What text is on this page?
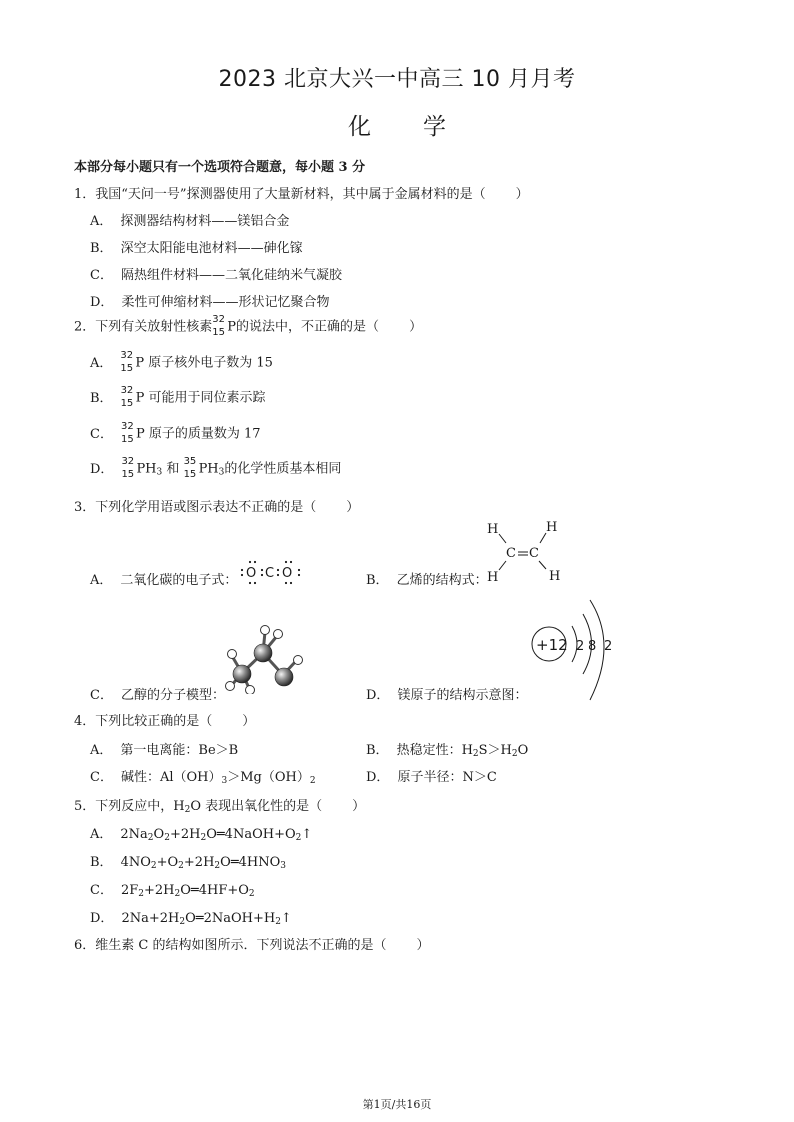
2023 北京大兴一中高三 10 月月考
化 学
本部分每小题只有一个选项符合题意，每小题 3 分
1．我国“天问一号”探测器使用了大量新材料，其中属于金属材料的是（ ）
A． 探测器结构材料——镁铝合金
B． 深空太阳能电池材料——砷化镓
C． 隔热组件材料——二氧化硅纳米气凝胶
D． 柔性可伸缩材料——形状记忆聚合物
2．下列有关放射性核素 32
15 P的说法中，不正确的是（ ）
A． 32
15 P 原子核外电子数为 15
B． 32
15 P 可能用于同位素示踪
C． 32
15 P 原子的质量数为 17
D． 32
15 $PH_3$ 和 35
15 $PH_3$的化学性质基本相同
3．下列化学用语或图示表达不正确的是（ ）
A． 二氧化碳的电子式： O C O	B． 乙烯的结构式：
H	H
C C
H	H
C． 乙醇的分子模型：	D． 镁原子的结构示意图：
+12 2 8 2
4．下列比较正确的是（ ）
A． 第一电离能：Be＞B	B． 热稳定性：$H_2S>H_2O$
C． 碱性：$Al(OH)_3>Mg(OH)_2$	D． 原子半径：N＞C
5．下列反应中，$H_2O$ 表现出氧化性的是（ ）
A． $2Na_2O_2+2H_2O═4NaOH+O_2↑$
B． $4NO_2+O_2+2H_2O═4HNO_3$
C． $2F_2+2H_2O═4HF+O_2$
D． $2Na+2H_2O═2NaOH+H_2↑$
6．维生素 C 的结构如图所示．下列说法不正确的是（ ）
第1页/共16页
